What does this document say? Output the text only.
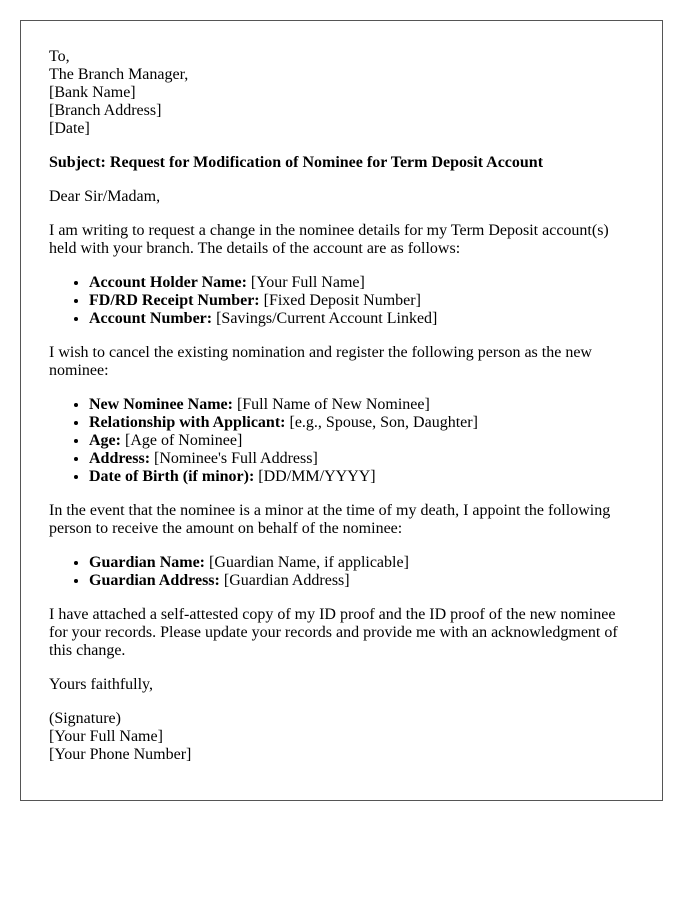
To,
The Branch Manager,
[Bank Name]
[Branch Address]
[Date]

Subject: Request for Modification of Nominee for Term Deposit Account

Dear Sir/Madam,

I am writing to request a change in the nominee details for my Term Deposit account(s) held with your branch. The details of the account are as follows:

• Account Holder Name: [Your Full Name]
• FD/RD Receipt Number: [Fixed Deposit Number]
• Account Number: [Savings/Current Account Linked]

I wish to cancel the existing nomination and register the following person as the new nominee:

• New Nominee Name: [Full Name of New Nominee]
• Relationship with Applicant: [e.g., Spouse, Son, Daughter]
• Age: [Age of Nominee]
• Address: [Nominee's Full Address]
• Date of Birth (if minor): [DD/MM/YYYY]

In the event that the nominee is a minor at the time of my death, I appoint the following person to receive the amount on behalf of the nominee:

• Guardian Name: [Guardian Name, if applicable]
• Guardian Address: [Guardian Address]

I have attached a self-attested copy of my ID proof and the ID proof of the new nominee for your records. Please update your records and provide me with an acknowledgment of this change.

Yours faithfully,

(Signature)
[Your Full Name]
[Your Phone Number]
